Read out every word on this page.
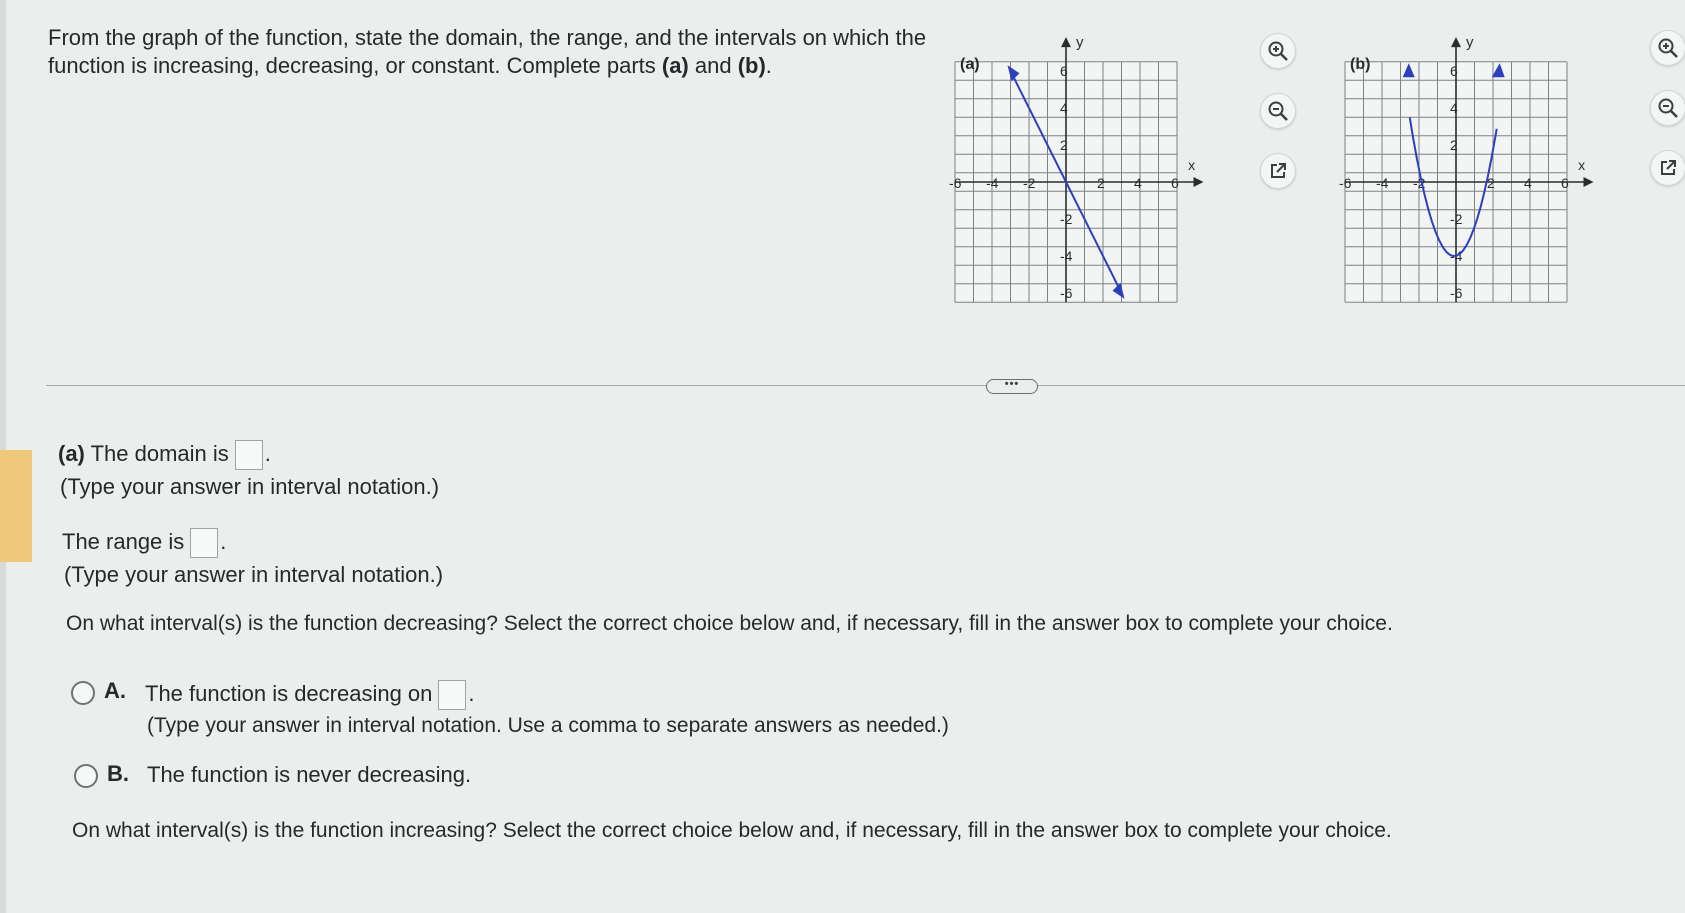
From the graph of the function, state the domain, the range, and the intervals on which the function is increasing, decreasing, or constant. Complete parts (a) and (b).

x
y
(a)
-6 -4 -2	2 4 6
6
4
2
-2
-4
-6
x
y
(b)
-6 -4 -2	2 4 6
6
4
2
-2
-4
-6
•••
(a) The domain is .
(Type your answer in interval notation.)
The range is .
(Type your answer in interval notation.)
On what interval(s) is the function decreasing? Select the correct choice below and, if necessary, fill in the answer box to complete your choice.
A. The function is decreasing on .
(Type your answer in interval notation. Use a comma to separate answers as needed.)
B. The function is never decreasing.
On what interval(s) is the function increasing? Select the correct choice below and, if necessary, fill in the answer box to complete your choice.
